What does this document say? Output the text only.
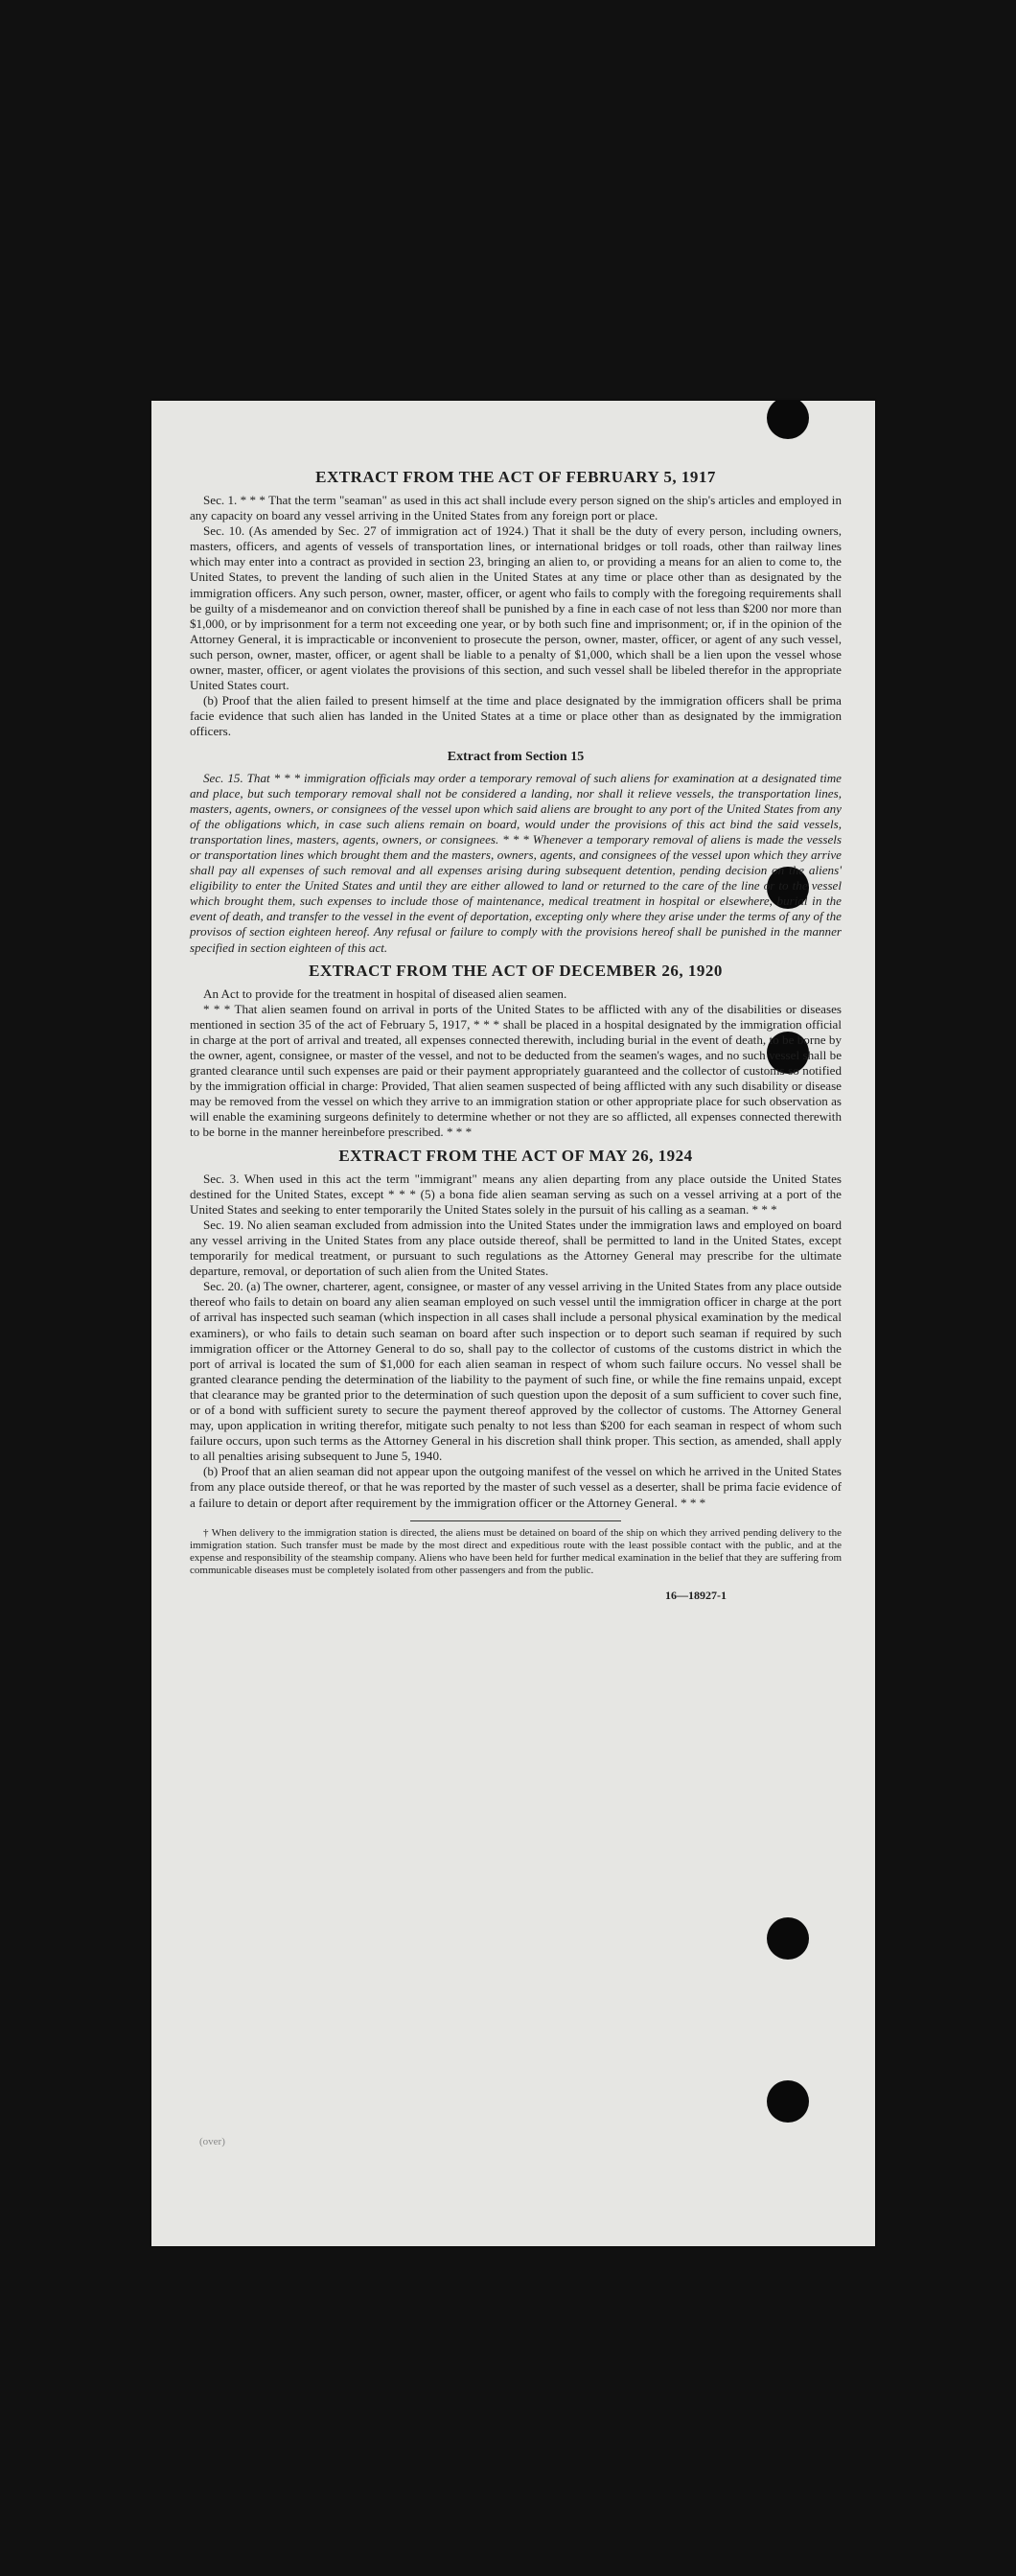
EXTRACT FROM THE ACT OF FEBRUARY 5, 1917

Sec. 1. * * * That the term "seaman" as used in this act shall include every person signed on the ship's articles and employed in any capacity on board any vessel arriving in the United States from any foreign port or place.

Sec. 10. (As amended by Sec. 27 of immigration act of 1924.) That it shall be the duty of every person, including owners, masters, officers, and agents of vessels of transportation lines, or international bridges or toll roads, other than railway lines which may enter into a contract as provided in section 23, bringing an alien to, or providing a means for an alien to come to, the United States, to prevent the landing of such alien in the United States at any time or place other than as designated by the immigration officers. Any such person, owner, master, officer, or agent who fails to comply with the foregoing requirements shall be guilty of a misdemeanor and on conviction thereof shall be punished by a fine in each case of not less than $200 nor more than $1,000, or by imprisonment for a term not exceeding one year, or by both such fine and imprisonment; or, if in the opinion of the Attorney General, it is impracticable or inconvenient to prosecute the person, owner, master, officer, or agent of any such vessel, such person, owner, master, officer, or agent shall be liable to a penalty of $1,000, which shall be a lien upon the vessel whose owner, master, officer, or agent violates the provisions of this section, and such vessel shall be libeled therefor in the appropriate United States court.

(b) Proof that the alien failed to present himself at the time and place designated by the immigration officers shall be prima facie evidence that such alien has landed in the United States at a time or place other than as designated by the immigration officers.

Extract from Section 15

Sec. 15. That * * * immigration officials may order a temporary removal of such aliens for examination at a designated time and place, but such temporary removal shall not be considered a landing, nor shall it relieve vessels, the transportation lines, masters, agents, owners, or consignees of the vessel upon which said aliens are brought to any port of the United States from any of the obligations which, in case such aliens remain on board, would under the provisions of this act bind the said vessels, transportation lines, masters, agents, owners, or consignees. * * * Whenever a temporary removal of aliens is made the vessels or transportation lines which brought them and the masters, owners, agents, and consignees of the vessel upon which they arrive shall pay all expenses of such removal and all expenses arising during subsequent detention, pending decision on the aliens' eligibility to enter the United States and until they are either allowed to land or returned to the care of the line or to the vessel which brought them, such expenses to include those of maintenance, medical treatment in hospital or elsewhere, burial in the event of death, and transfer to the vessel in the event of deportation, excepting only where they arise under the terms of any of the provisos of section eighteen hereof. Any refusal or failure to comply with the provisions hereof shall be punished in the manner specified in section eighteen of this act.

EXTRACT FROM THE ACT OF DECEMBER 26, 1920

An Act to provide for the treatment in hospital of diseased alien seamen.

* * * That alien seamen found on arrival in ports of the United States to be afflicted with any of the disabilities or diseases mentioned in section 35 of the act of February 5, 1917, * * * shall be placed in a hospital designated by the immigration official in charge at the port of arrival and treated, all expenses connected therewith, including burial in the event of death, to be borne by the owner, agent, consignee, or master of the vessel, and not to be deducted from the seamen's wages, and no such vessel shall be granted clearance until such expenses are paid or their payment appropriately guaranteed and the collector of customs so notified by the immigration official in charge: Provided, That alien seamen suspected of being afflicted with any such disability or disease may be removed from the vessel on which they arrive to an immigration station or other appropriate place for such observation as will enable the examining surgeons definitely to determine whether or not they are so afflicted, all expenses connected therewith to be borne in the manner hereinbefore prescribed. * * *

EXTRACT FROM THE ACT OF MAY 26, 1924

Sec. 3. When used in this act the term "immigrant" means any alien departing from any place outside the United States destined for the United States, except * * * (5) a bona fide alien seaman serving as such on a vessel arriving at a port of the United States and seeking to enter temporarily the United States solely in the pursuit of his calling as a seaman. * * *

Sec. 19. No alien seaman excluded from admission into the United States under the immigration laws and employed on board any vessel arriving in the United States from any place outside thereof, shall be permitted to land in the United States, except temporarily for medical treatment, or pursuant to such regulations as the Attorney General may prescribe for the ultimate departure, removal, or deportation of such alien from the United States.

Sec. 20. (a) The owner, charterer, agent, consignee, or master of any vessel arriving in the United States from any place outside thereof who fails to detain on board any alien seaman employed on such vessel until the immigration officer in charge at the port of arrival has inspected such seaman (which inspection in all cases shall include a personal physical examination by the medical examiners), or who fails to detain such seaman on board after such inspection or to deport such seaman if required by such immigration officer or the Attorney General to do so, shall pay to the collector of customs of the customs district in which the port of arrival is located the sum of $1,000 for each alien seaman in respect of whom such failure occurs. No vessel shall be granted clearance pending the determination of the liability to the payment of such fine, or while the fine remains unpaid, except that clearance may be granted prior to the determination of such question upon the deposit of a sum sufficient to cover such fine, or of a bond with sufficient surety to secure the payment thereof approved by the collector of customs. The Attorney General may, upon application in writing therefor, mitigate such penalty to not less than $200 for each seaman in respect of whom such failure occurs, upon such terms as the Attorney General in his discretion shall think proper. This section, as amended, shall apply to all penalties arising subsequent to June 5, 1940.

(b) Proof that an alien seaman did not appear upon the outgoing manifest of the vessel on which he arrived in the United States from any place outside thereof, or that he was reported by the master of such vessel as a deserter, shall be prima facie evidence of a failure to detain or deport after requirement by the immigration officer or the Attorney General. * * *

† When delivery to the immigration station is directed, the aliens must be detained on board of the ship on which they arrived pending delivery to the immigration station. Such transfer must be made by the most direct and expeditious route with the least possible contact with the public, and at the expense and responsibility of the steamship company. Aliens who have been held for further medical examination in the belief that they are suffering from communicable diseases must be completely isolated from other passengers and from the public.

16—18927-1
(over)
